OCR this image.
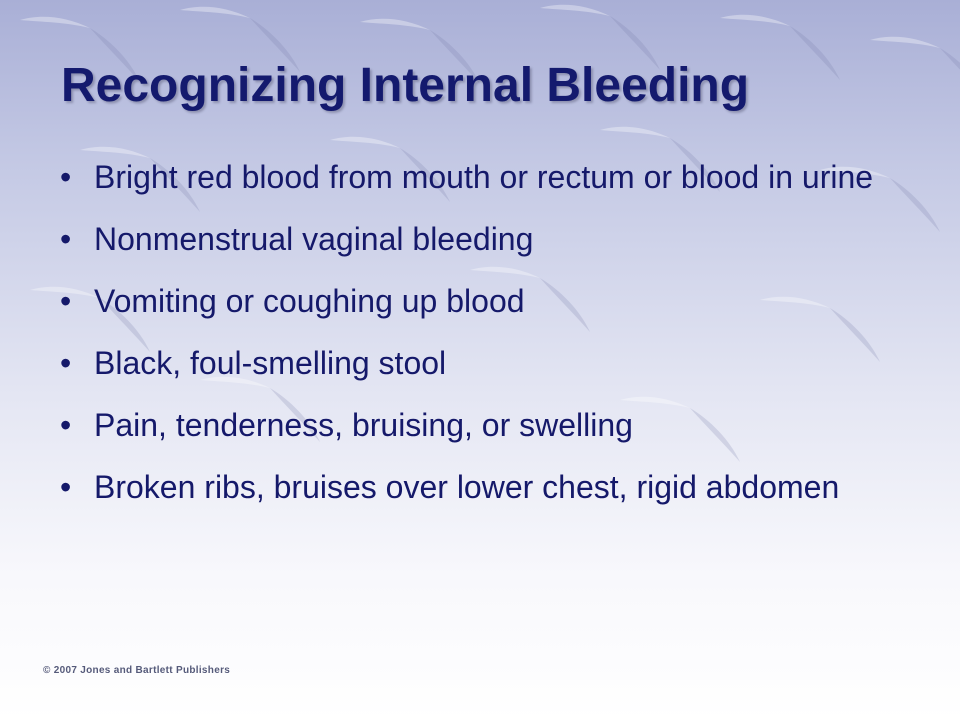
Recognizing Internal Bleeding
• Bright red blood from mouth or rectum or blood in urine
• Nonmenstrual vaginal bleeding
• Vomiting or coughing up blood
• Black, foul-smelling stool
• Pain, tenderness, bruising, or swelling
• Broken ribs, bruises over lower chest, rigid abdomen
© 2007 Jones and Bartlett Publishers
